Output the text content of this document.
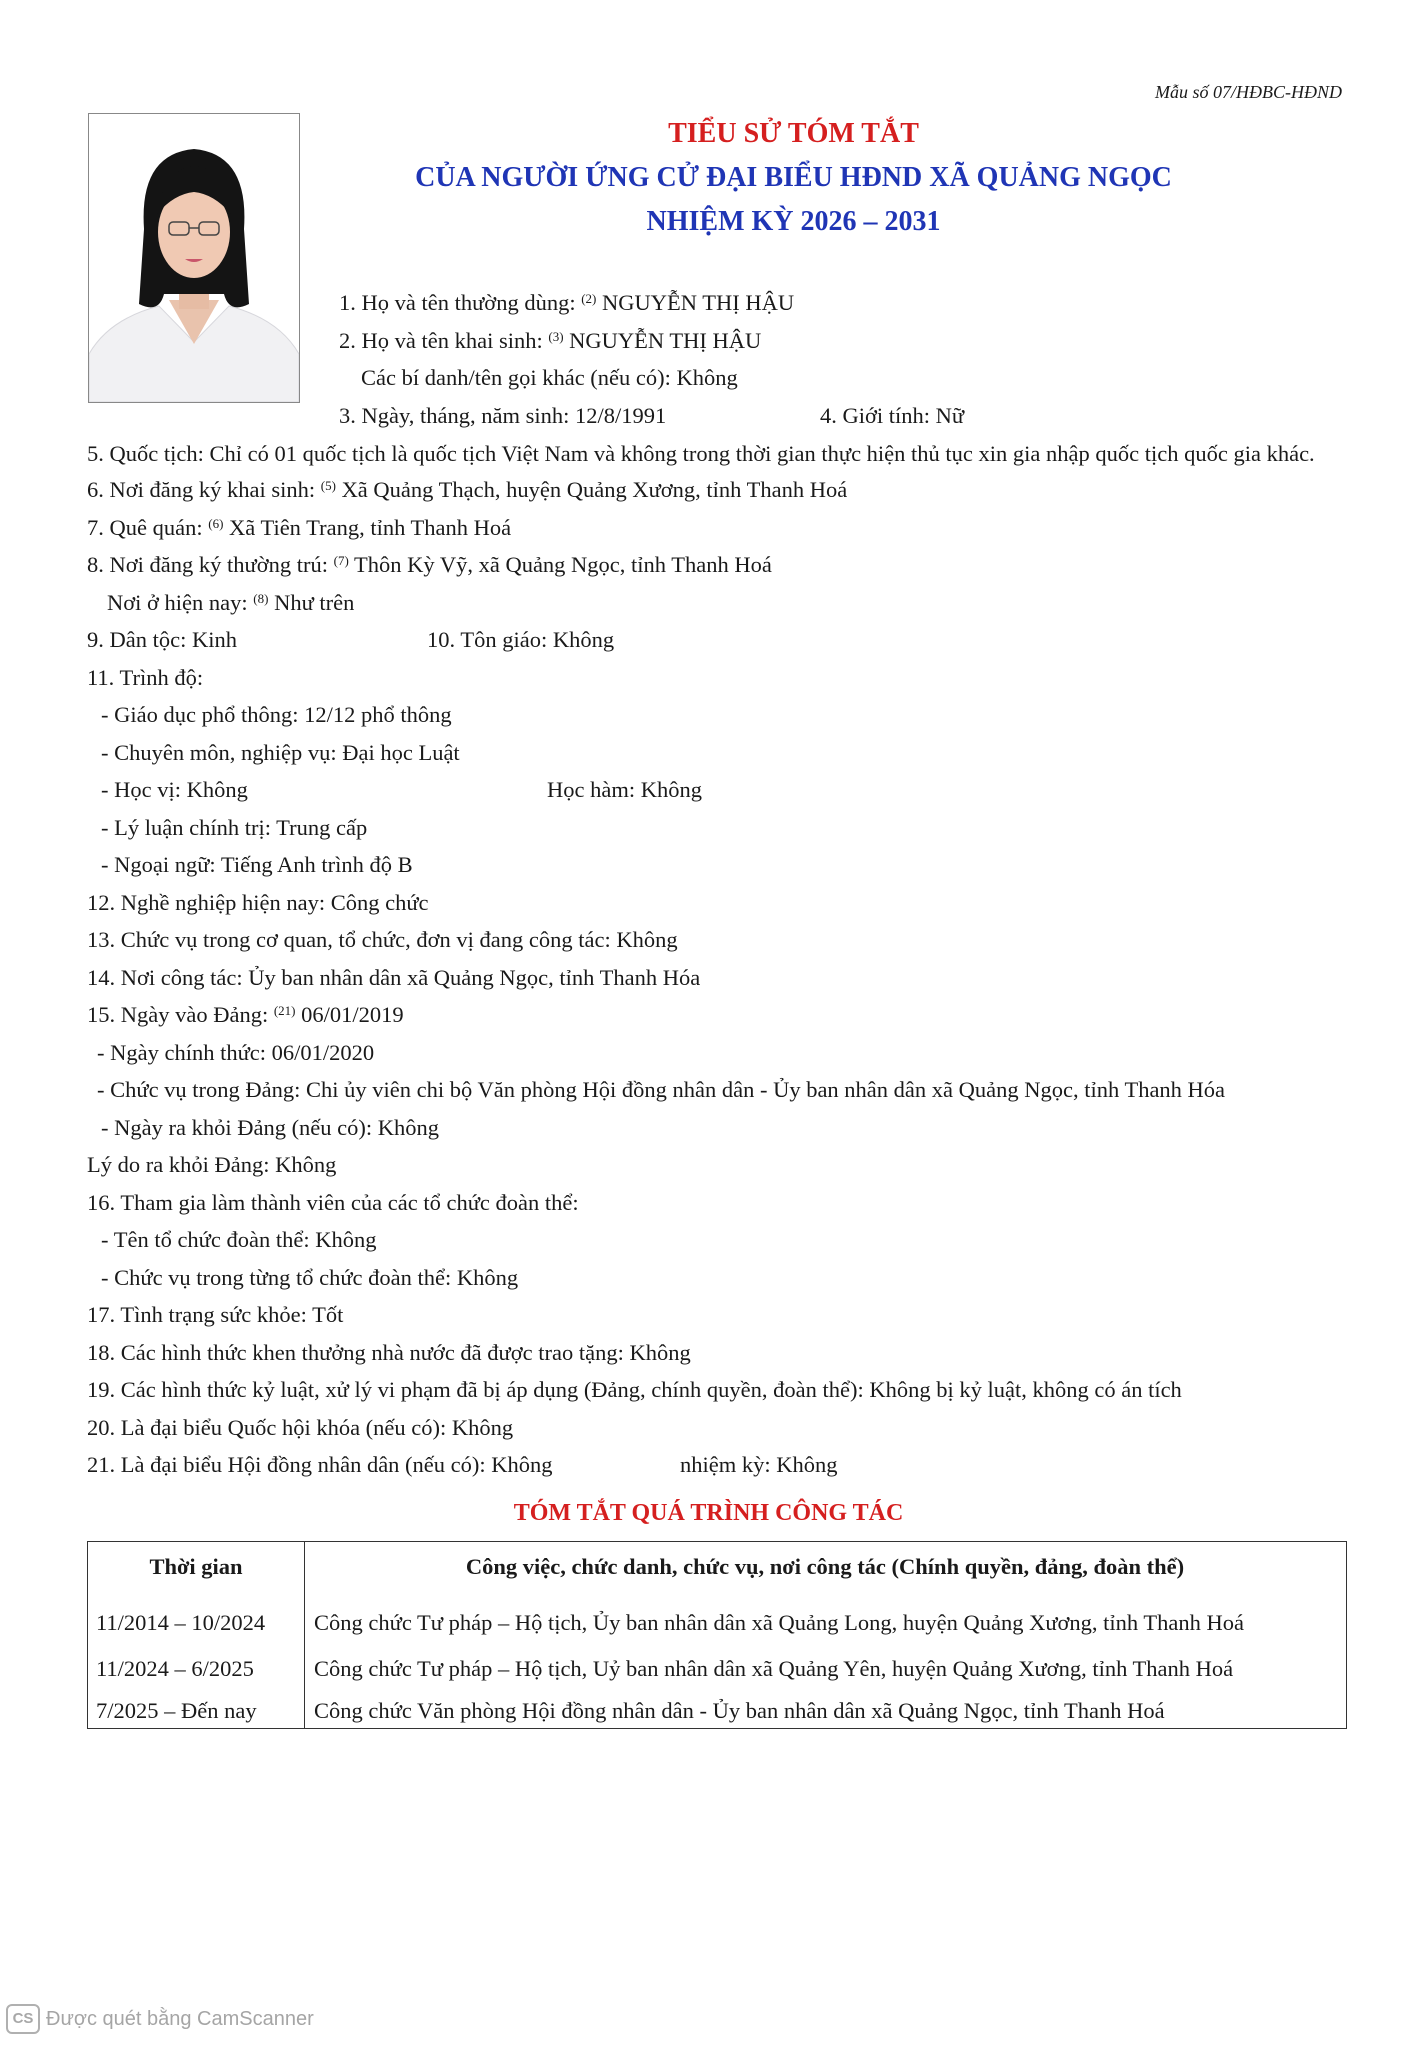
Mẫu số 07/HĐBC-HĐND
TIỂU SỬ TÓM TẮT
CỦA NGƯỜI ỨNG CỬ ĐẠI BIỂU HĐND XÃ QUẢNG NGỌC
NHIỆM KỲ 2026 – 2031
1. Họ và tên thường dùng: $^{(2)}$ NGUYỄN THỊ HẬU
2. Họ và tên khai sinh: $^{(3)}$ NGUYỄN THỊ HẬU
Các bí danh/tên gọi khác (nếu có): Không
3. Ngày, tháng, năm sinh: 12/8/1991	4. Giới tính: Nữ
5. Quốc tịch: Chỉ có 01 quốc tịch là quốc tịch Việt Nam và không trong thời gian thực hiện thủ tục xin gia nhập quốc tịch quốc gia khác.
6. Nơi đăng ký khai sinh: $^{(5)}$ Xã Quảng Thạch, huyện Quảng Xương, tỉnh Thanh Hoá
7. Quê quán: $^{(6)}$ Xã Tiên Trang, tỉnh Thanh Hoá
8. Nơi đăng ký thường trú: $^{(7)}$ Thôn Kỳ Vỹ, xã Quảng Ngọc, tỉnh Thanh Hoá
Nơi ở hiện nay: $^{(8)}$ Như trên
9. Dân tộc: Kinh	10. Tôn giáo: Không
11. Trình độ:
- Giáo dục phổ thông: 12/12 phổ thông
- Chuyên môn, nghiệp vụ: Đại học Luật
- Học vị: Không	Học hàm: Không
- Lý luận chính trị: Trung cấp
- Ngoại ngữ: Tiếng Anh trình độ B
12. Nghề nghiệp hiện nay: Công chức
13. Chức vụ trong cơ quan, tổ chức, đơn vị đang công tác: Không
14. Nơi công tác: Ủy ban nhân dân xã Quảng Ngọc, tỉnh Thanh Hóa
15. Ngày vào Đảng: $^{(21)}$ 06/01/2019
- Ngày chính thức: 06/01/2020
- Chức vụ trong Đảng: Chi ủy viên chi bộ Văn phòng Hội đồng nhân dân - Ủy ban nhân dân xã Quảng Ngọc, tỉnh Thanh Hóa
- Ngày ra khỏi Đảng (nếu có): Không
Lý do ra khỏi Đảng: Không
16. Tham gia làm thành viên của các tổ chức đoàn thể:
- Tên tổ chức đoàn thể: Không
- Chức vụ trong từng tổ chức đoàn thể: Không
17. Tình trạng sức khỏe: Tốt
18. Các hình thức khen thưởng nhà nước đã được trao tặng: Không
19. Các hình thức kỷ luật, xử lý vi phạm đã bị áp dụng (Đảng, chính quyền, đoàn thể): Không bị kỷ luật, không có án tích
20. Là đại biểu Quốc hội khóa (nếu có): Không
21. Là đại biểu Hội đồng nhân dân (nếu có): Không	nhiệm kỳ: Không
TÓM TẮT QUÁ TRÌNH CÔNG TÁC
Thời gian	Công việc, chức danh, chức vụ, nơi công tác (Chính quyền, đảng, đoàn thể)
11/2014 – 10/2024 Công chức Tư pháp – Hộ tịch, Ủy ban nhân dân xã Quảng Long, huyện Quảng Xương, tỉnh Thanh Hoá
11/2024 – 6/2025	Công chức Tư pháp – Hộ tịch, Uỷ ban nhân dân xã Quảng Yên, huyện Quảng Xương, tỉnh Thanh Hoá
7/2025 – Đến nay	Công chức Văn phòng Hội đồng nhân dân - Ủy ban nhân dân xã Quảng Ngọc, tỉnh Thanh Hoá
CS Được quét bằng CamScanner
